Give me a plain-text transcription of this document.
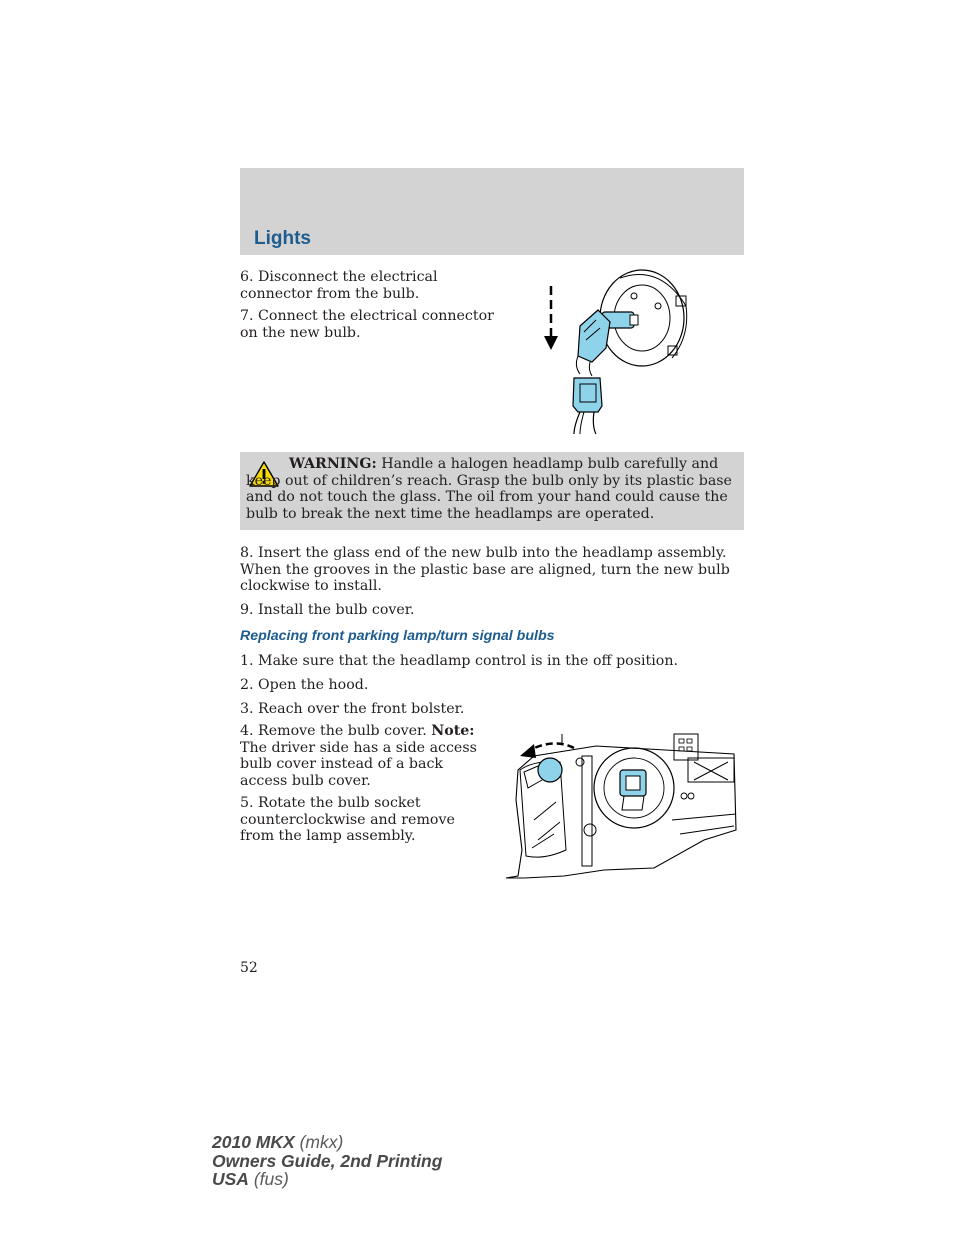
Lights

6. Disconnect the electrical connector from the bulb.

7. Connect the electrical connector on the new bulb.

WARNING: Handle a halogen headlamp bulb carefully and keep out of children’s reach. Grasp the bulb only by its plastic base and do not touch the glass. The oil from your hand could cause the bulb to break the next time the headlamps are operated.

8. Insert the glass end of the new bulb into the headlamp assembly. When the grooves in the plastic base are aligned, turn the new bulb clockwise to install.

9. Install the bulb cover.

Replacing front parking lamp/turn signal bulbs

1. Make sure that the headlamp control is in the off position.

2. Open the hood.

3. Reach over the front bolster.

4. Remove the bulb cover. Note: The driver side has a side access bulb cover instead of a back access bulb cover.

5. Rotate the bulb socket counterclockwise and remove from the lamp assembly.

52
2010 MKX (mkx)
Owners Guide, 2nd Printing
USA (fus)
